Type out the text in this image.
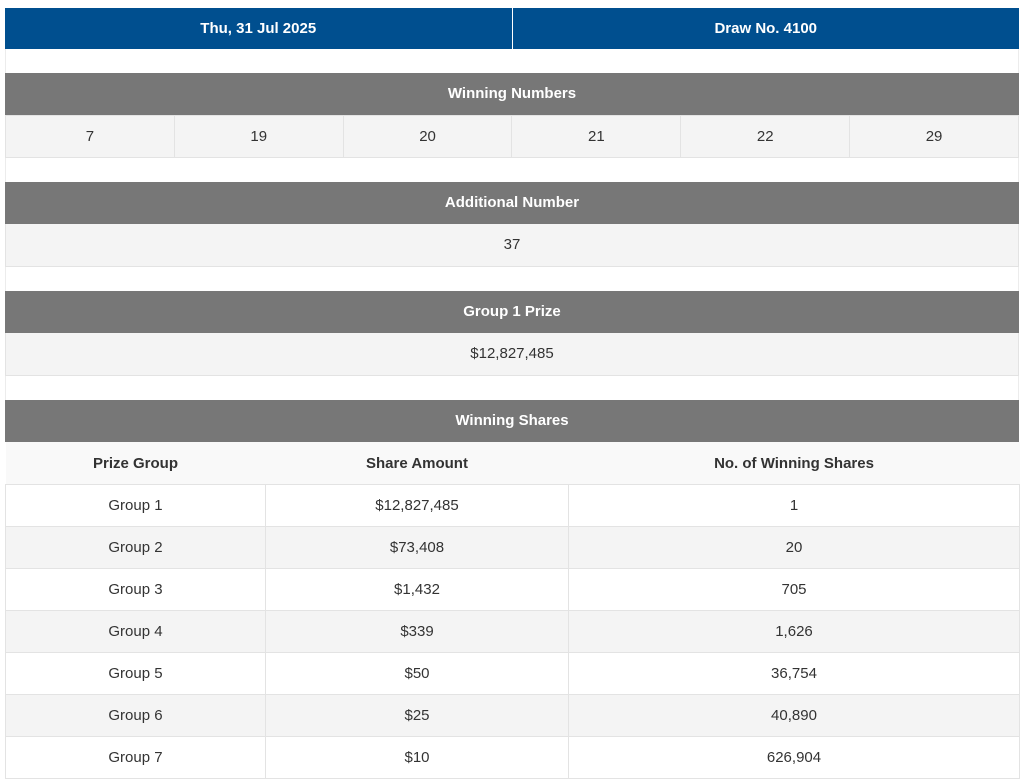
Thu, 31 Jul 2025	Draw No. 4100
Winning Numbers
7	19	20	21	22	29
Additional Number
37
Group 1 Prize
$12,827,485
Winning Shares
Prize Group	Share Amount	No. of Winning Shares
Group 1	$12,827,485	1
Group 2	$73,408	20
Group 3	$1,432	705
Group 4	$339	1,626
Group 5	$50	36,754
Group 6	$25	40,890
Group 7	$10	626,904
